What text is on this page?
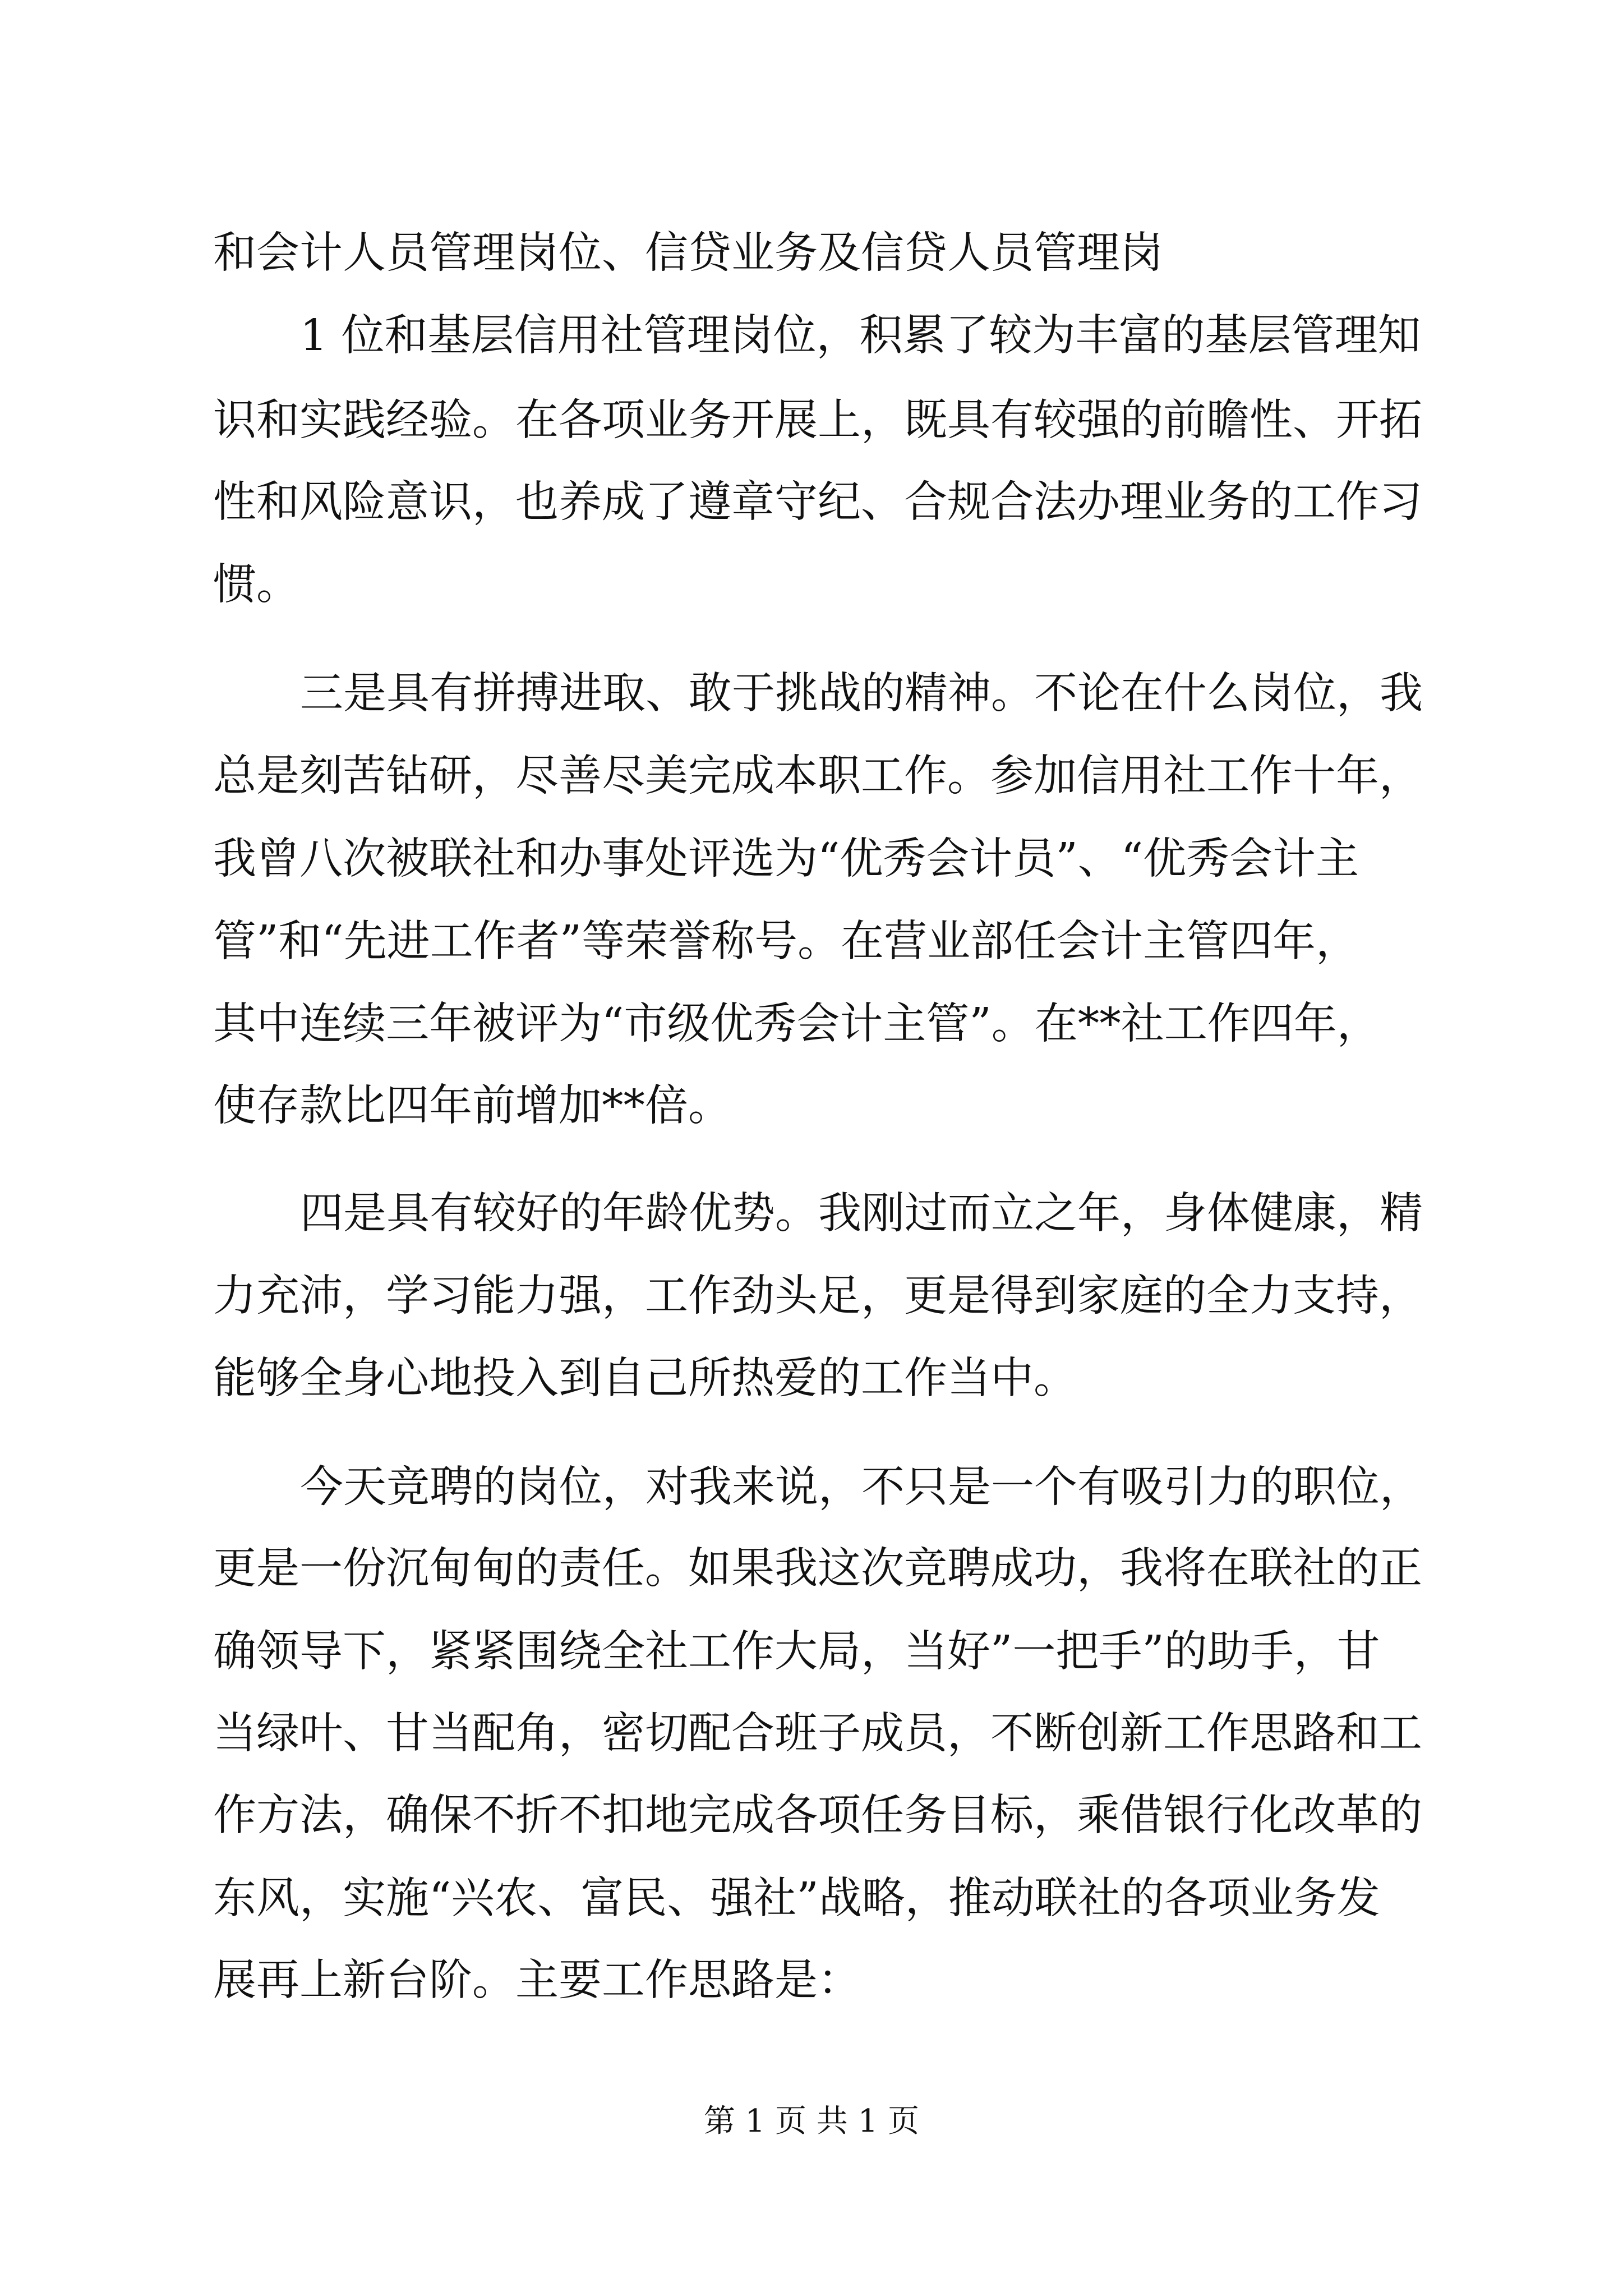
和会计人员管理岗位、信贷业务及信贷人员管理岗
1 位和基层信用社管理岗位，积累了较为丰富的基层管理知
识和实践经验。在各项业务开展上，既具有较强的前瞻性、开拓
性和风险意识，也养成了遵章守纪、合规合法办理业务的工作习
惯。
三是具有拼搏进取、敢于挑战的精神。不论在什么岗位，我
总是刻苦钻研，尽善尽美完成本职工作。参加信用社工作十年，
我曾八次被联社和办事处评选为“优秀会计员”、“优秀会计主
管”和“先进工作者”等荣誉称号。在营业部任会计主管四年，
其中连续三年被评为“市级优秀会计主管”。在**社工作四年，
使存款比四年前增加**倍。
四是具有较好的年龄优势。我刚过而立之年，身体健康，精
力充沛，学习能力强，工作劲头足，更是得到家庭的全力支持，
能够全身心地投入到自己所热爱的工作当中。
今天竞聘的岗位，对我来说，不只是一个有吸引力的职位，
更是一份沉甸甸的责任。如果我这次竞聘成功，我将在联社的正
确领导下，紧紧围绕全社工作大局，当好”一把手”的助手，甘
当绿叶、甘当配角，密切配合班子成员，不断创新工作思路和工
作方法，确保不折不扣地完成各项任务目标，乘借银行化改革的
东风，实施“兴农、富民、强社”战略，推动联社的各项业务发
展再上新台阶。主要工作思路是：
第 1 页 共 1 页
